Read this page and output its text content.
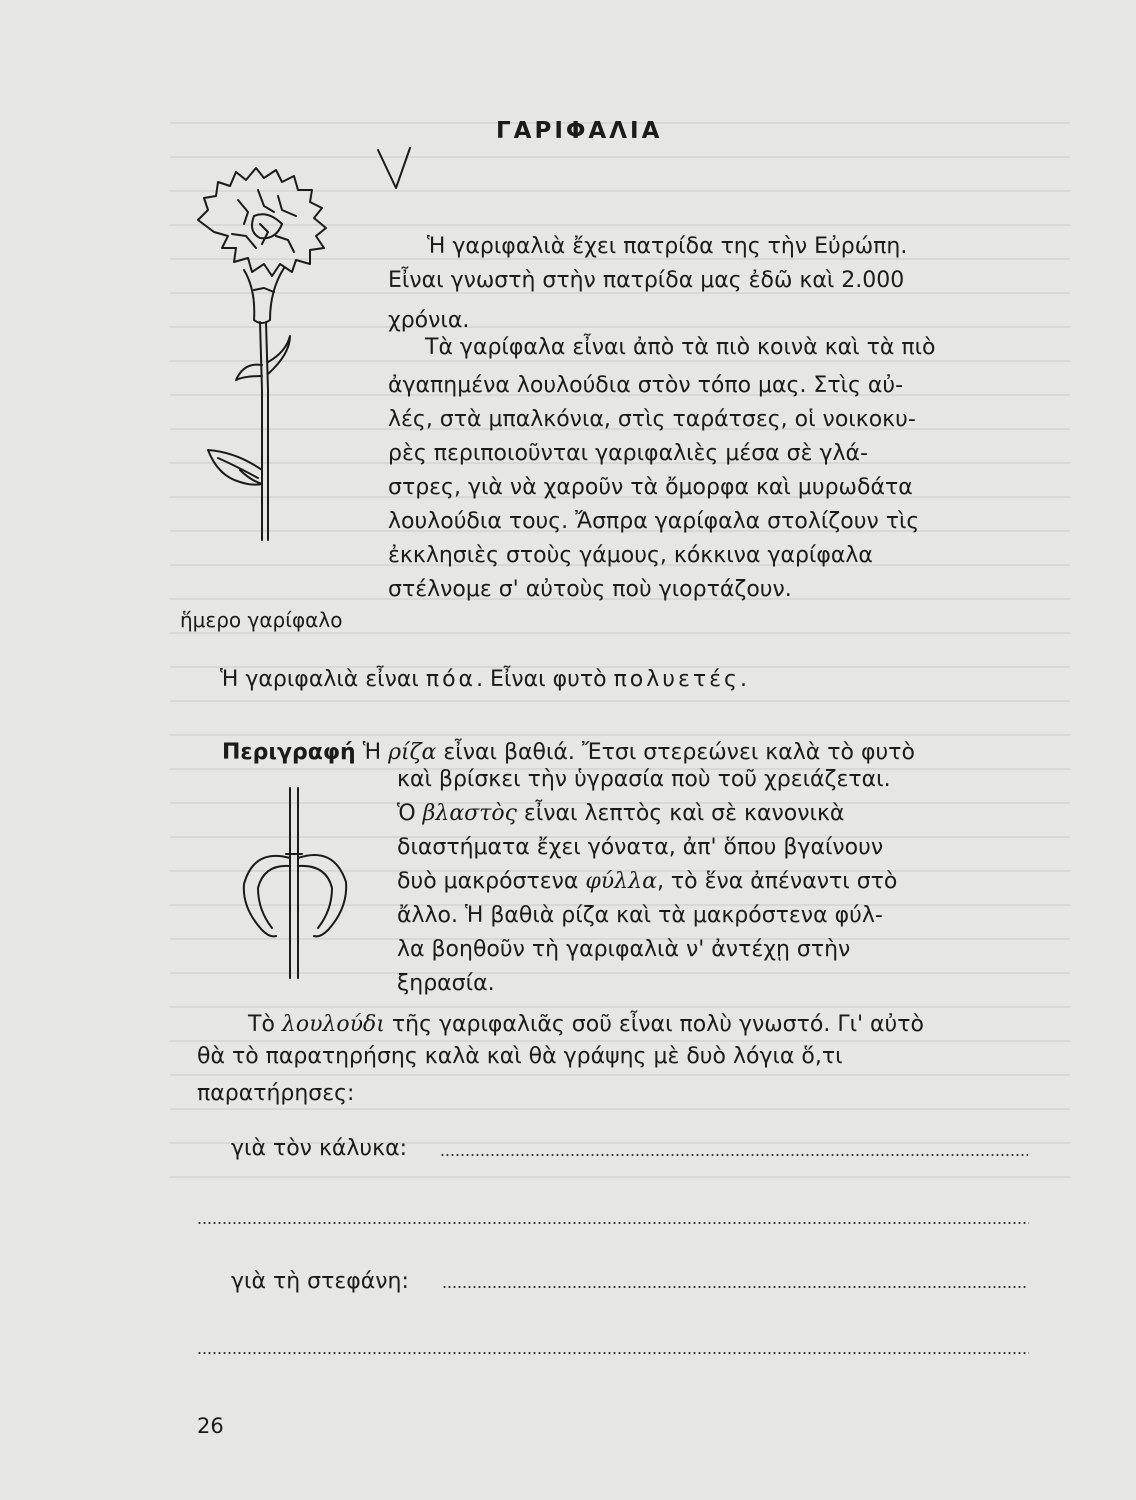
ΓΑΡΙΦΑΛΙΑ
Ἡ γαριφαλιὰ ἔχει πατρίδα της τὴν Εὐρώπη.
Εἶναι γνωστὴ στὴν πατρίδα μας ἐδῶ καὶ 2.000
χρόνια.
Τὰ γαρίφαλα εἶναι ἀπὸ τὰ πιὸ κοινὰ καὶ τὰ πιὸ
ἀγαπημένα λουλούδια στὸν τόπο μας. Στὶς αὐ-
λές, στὰ μπαλκόνια, στὶς ταράτσες, οἱ νοικοκυ-
ρὲς περιποιοῦνται γαριφαλιὲς μέσα σὲ γλά-
στρες, γιὰ νὰ χαροῦν τὰ ὄμορφα καὶ μυρωδάτα
λουλούδια τους. Ἄσπρα γαρίφαλα στολίζουν τὶς
ἐκκλησιὲς στοὺς γάμους, κόκκινα γαρίφαλα
στέλνομε σ' αὐτοὺς ποὺ γιορτάζουν.
ἥμερο γαρίφαλο
Ἡ γαριφαλιὰ εἶναι πόα. Εἶναι φυτὸ πολυετές.
Περιγραφή Ἡ ρίζα εἶναι βαθιά. Ἔτσι στερεώνει καλὰ τὸ φυτὸ
καὶ βρίσκει τὴν ὑγρασία ποὺ τοῦ χρειάζεται.
Ὁ βλαστὸς εἶναι λεπτὸς καὶ σὲ κανονικὰ
διαστήματα ἔχει γόνατα, ἀπ' ὅπου βγαίνουν
δυὸ μακρόστενα φύλλα, τὸ ἕνα ἀπέναντι στὸ
ἄλλο. Ἡ βαθιὰ ρίζα καὶ τὰ μακρόστενα φύλ-
λα βοηθοῦν τὴ γαριφαλιὰ ν' ἀντέχῃ στὴν
ξηρασία.
Τὸ λουλούδι τῆς γαριφαλιᾶς σοῦ εἶναι πολὺ γνωστό. Γι' αὐτὸ
θὰ τὸ παρατηρήσης καλὰ καὶ θὰ γράψης μὲ δυὸ λόγια ὅ,τι
παρατήρησες:
γιὰ τὸν κάλυκα:
γιὰ τὴ στεφάνη:
26
